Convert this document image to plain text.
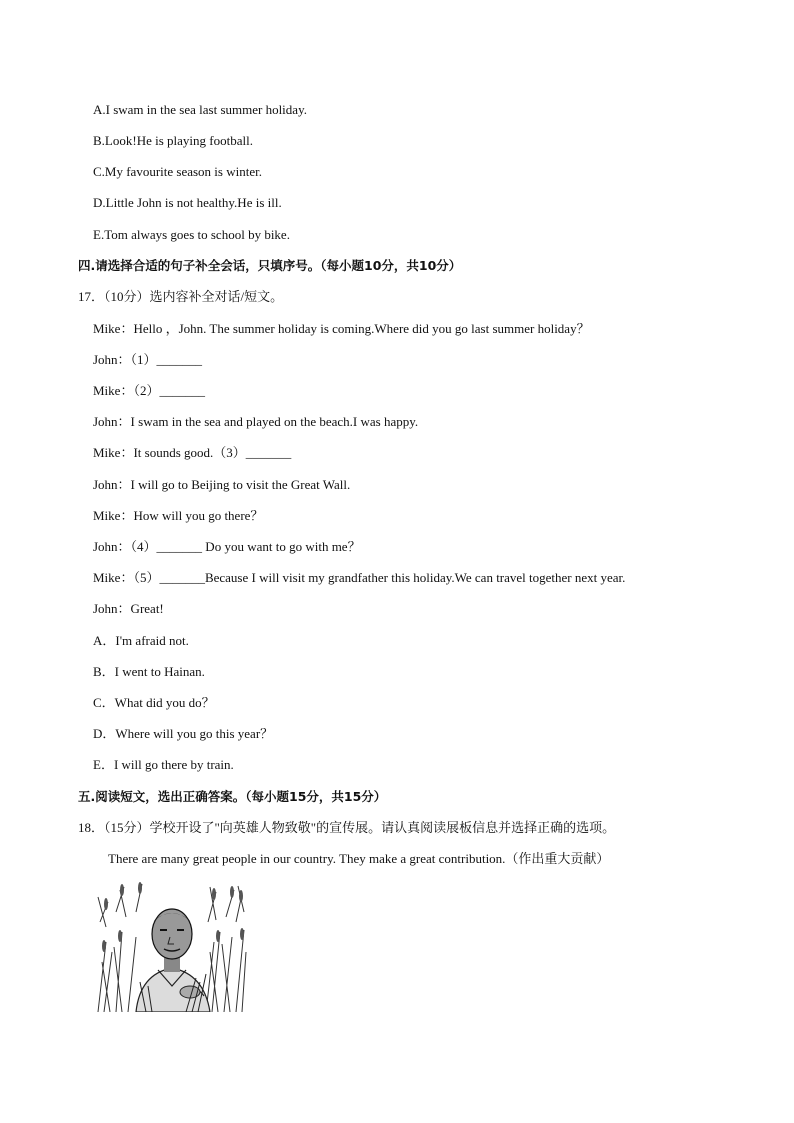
A.I swam in the sea last summer holiday.
B.Look!He is playing football.
C.My favourite season is winter.
D.Little John is not healthy.He is ill.
E.Tom always goes to school by bike.
四.请选择合适的句子补全会话，只填序号。（每小题10分，共10分）
17．（10分）选内容补全对话/短文。
Mike：Hello ，John. The summer holiday is coming.Where did you go last summer holiday？
John：（1）_______
Mike：（2）_______
John：I swam in the sea and played on the beach.I was happy.
Mike：It sounds good.（3）_______
John：I will go to Beijing to visit the Great Wall.
Mike：How will you go there？
John：（4）_______ Do you want to go with me？
Mike：（5）_______Because I will visit my grandfather this holiday.We can travel together next year.
John：Great!
A．I'm afraid not.
B．I went to Hainan.
C．What did you do？
D．Where will you go this year？
E．I will go there by train.
五.阅读短文，选出正确答案。（每小题15分，共15分）
18．（15分）学校开设了"向英雄人物致敬"的宣传展。请认真阅读展板信息并选择正确的选项。
There are many great people in our country. They make a great contribution.（作出重大贡献）
